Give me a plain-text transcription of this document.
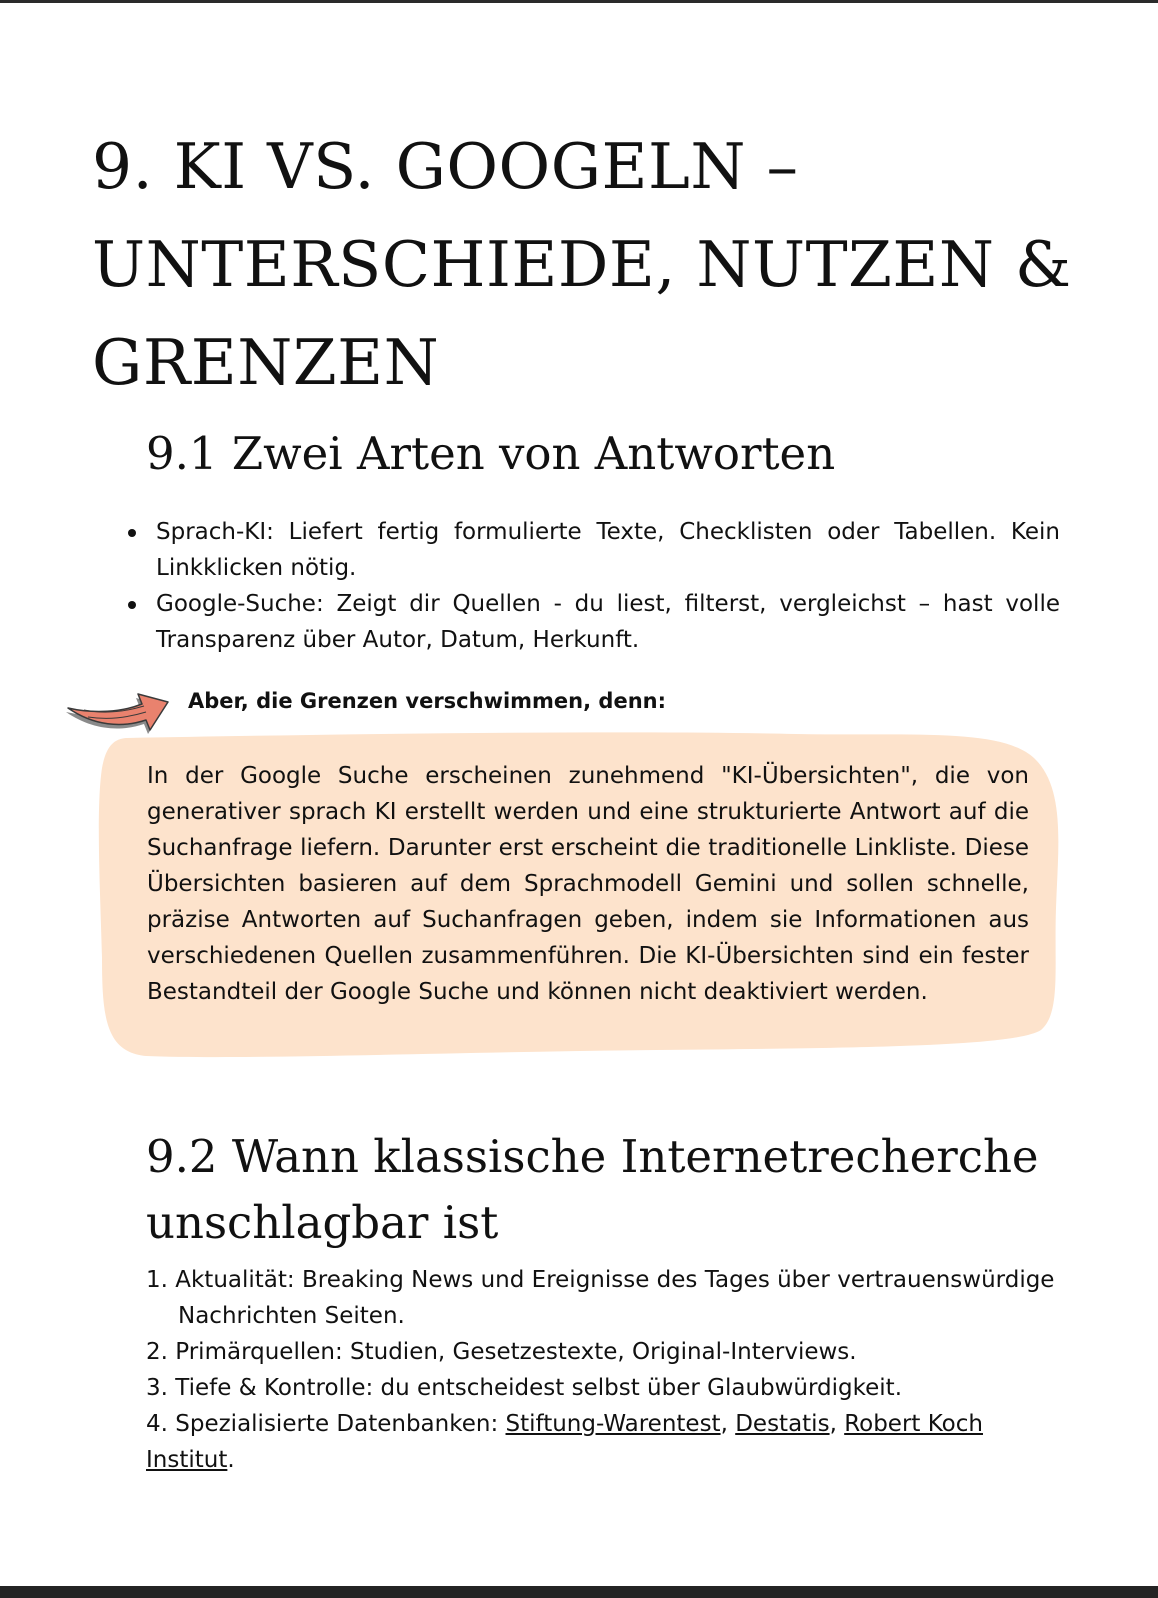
9. KI VS. GOOGELN – UNTERSCHIEDE, NUTZEN & GRENZEN
9.1 Zwei Arten von Antworten
Sprach-KI: Liefert fertig formulierte Texte, Checklisten oder Tabellen. Kein Linkklicken nötig.
Google-Suche: Zeigt dir Quellen - du liest, filterst, vergleichst – hast volle Transparenz über Autor, Datum, Herkunft.
Aber, die Grenzen verschwimmen, denn:

In der Google Suche erscheinen zunehmend "KI-Übersichten", die von generativer sprach KI erstellt werden und eine strukturierte Antwort auf die Suchanfrage liefern. Darunter erst erscheint die traditionelle Linkliste. Diese Übersichten basieren auf dem Sprachmodell Gemini und sollen schnelle, präzise Antworten auf Suchanfragen geben, indem sie Informationen aus verschiedenen Quellen zusammenführen. Die KI-Übersichten sind ein fester Bestandteil der Google Suche und können nicht deaktiviert werden.

9.2 Wann klassische Internetrecherche unschlagbar ist
1. Aktualität: Breaking News und Ereignisse des Tages über vertrauenswürdige Nachrichten Seiten.
2. Primärquellen: Studien, Gesetzestexte, Original-Interviews.
3. Tiefe & Kontrolle: du entscheidest selbst über Glaubwürdigkeit.
4. Spezialisierte Datenbanken: Stiftung-Warentest, Destatis, Robert Koch Institut.
